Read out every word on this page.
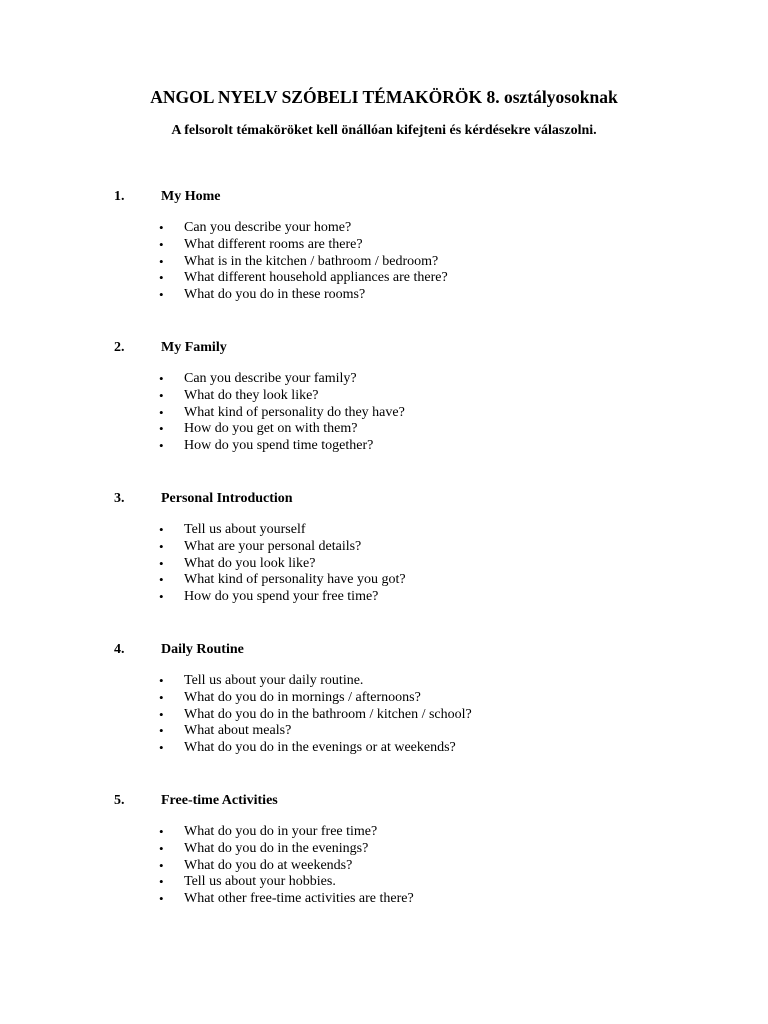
ANGOL NYELV SZÓBELI TÉMAKÖRÖK 8. osztályosoknak

A felsorolt témaköröket kell önállóan kifejteni és kérdésekre válaszolni.

1.	My Home
• Can you describe your home?
• What different rooms are there?
• What is in the kitchen / bathroom / bedroom?
• What different household appliances are there?
• What do you do in these rooms?
2.	My Family
• Can you describe your family?
• What do they look like?
• What kind of personality do they have?
• How do you get on with them?
• How do you spend time together?
3.	Personal Introduction
• Tell us about yourself
• What are your personal details?
• What do you look like?
• What kind of personality have you got?
• How do you spend your free time?
4.	Daily Routine
• Tell us about your daily routine.
• What do you do in mornings / afternoons?
• What do you do in the bathroom / kitchen / school?
• What about meals?
• What do you do in the evenings or at weekends?
5.	Free-time Activities
• What do you do in your free time?
• What do you do in the evenings?
• What do you do at weekends?
• Tell us about your hobbies.
• What other free-time activities are there?
